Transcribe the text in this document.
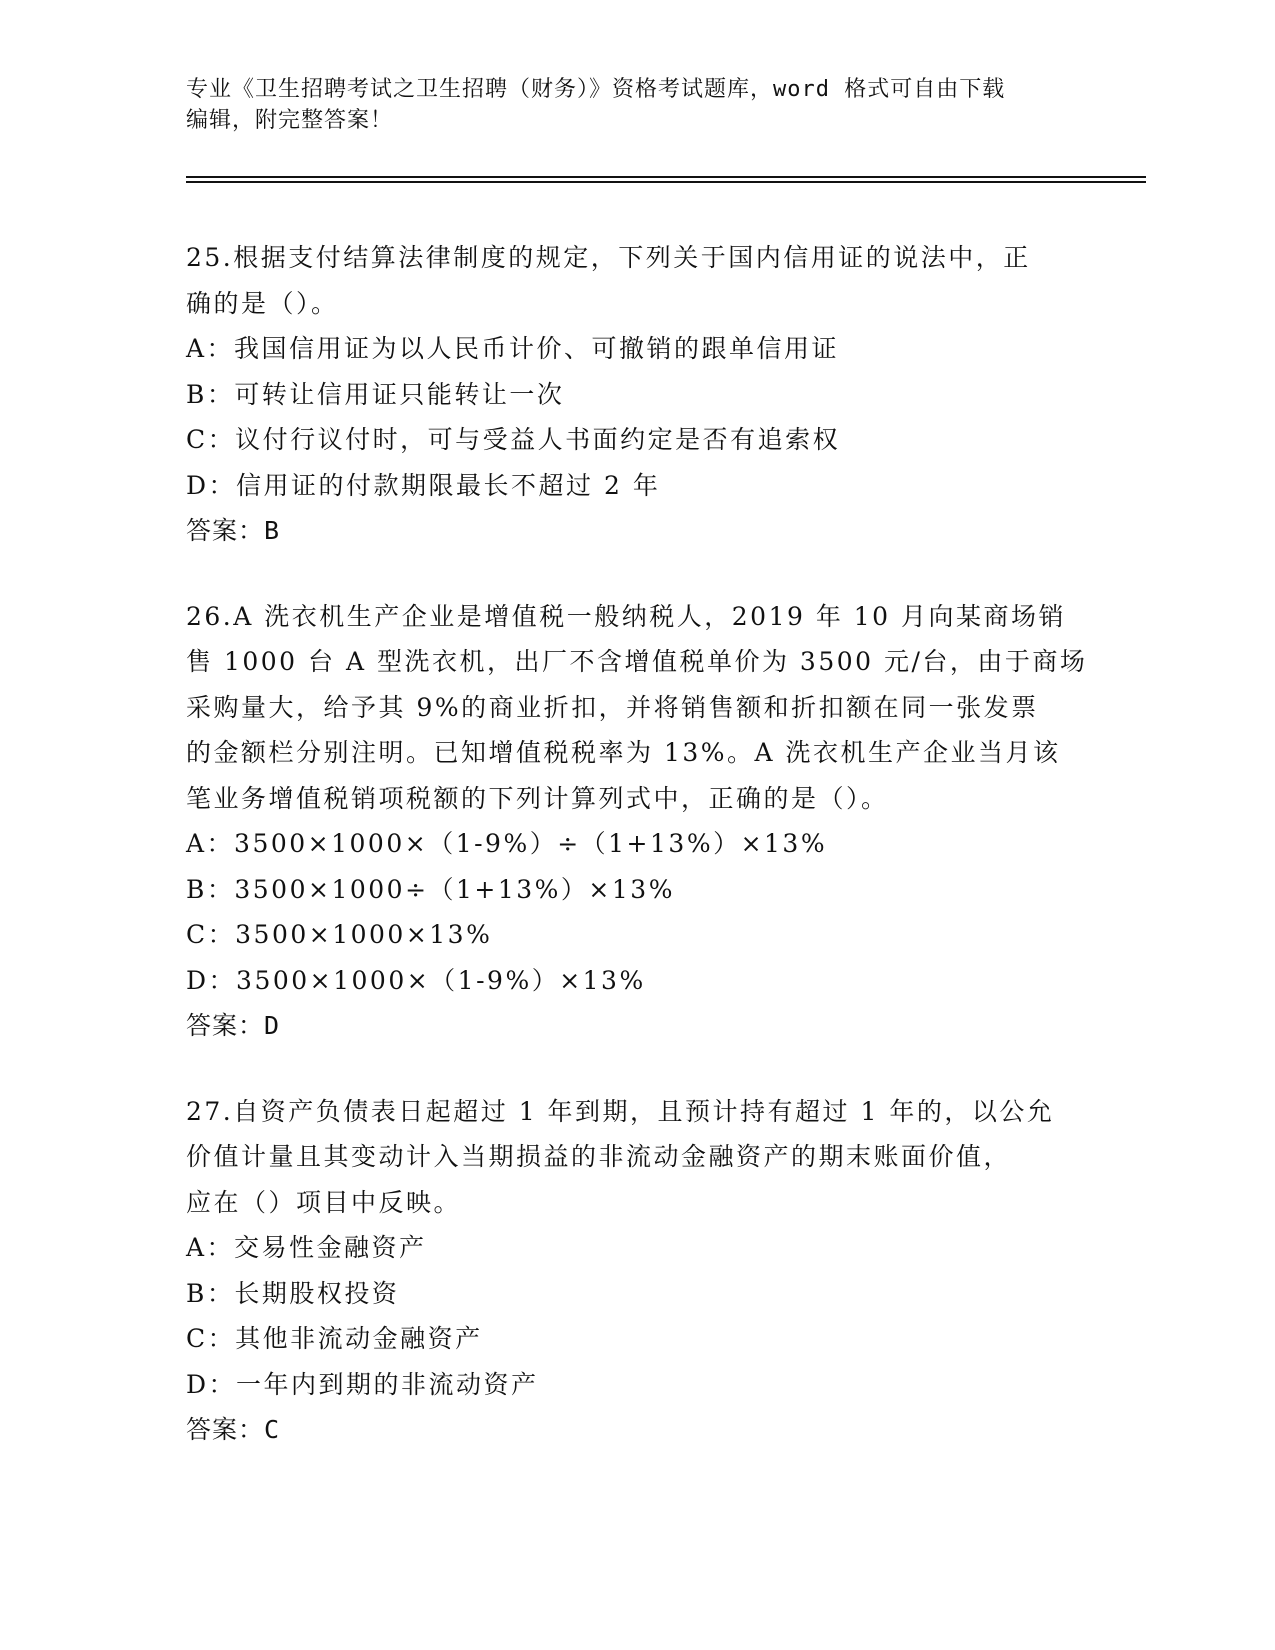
专业《卫生招聘考试之卫生招聘（财务）》资格考试题库，word 格式可自由下载
编辑，附完整答案！
25.根据支付结算法律制度的规定，下列关于国内信用证的说法中，正
确的是（）。
A：我国信用证为以人民币计价、可撤销的跟单信用证
B：可转让信用证只能转让一次
C：议付行议付时，可与受益人书面约定是否有追索权
D：信用证的付款期限最长不超过 2 年
答案：B
26.A 洗衣机生产企业是增值税一般纳税人，2019 年 10 月向某商场销
售 1000 台 A 型洗衣机，出厂不含增值税单价为 3500 元/台，由于商场
采购量大，给予其 9%的商业折扣，并将销售额和折扣额在同一张发票
的金额栏分别注明。已知增值税税率为 13%。A 洗衣机生产企业当月该
笔业务增值税销项税额的下列计算列式中，正确的是（）。
A：3500×1000×（1-9%）÷（1+13%）×13%
B：3500×1000÷（1+13%）×13%
C：3500×1000×13%
D：3500×1000×（1-9%）×13%
答案：D
27.自资产负债表日起超过 1 年到期，且预计持有超过 1 年的，以公允
价值计量且其变动计入当期损益的非流动金融资产的期末账面价值，
应在（）项目中反映。
A：交易性金融资产
B：长期股权投资
C：其他非流动金融资产
D：一年内到期的非流动资产
答案：C
